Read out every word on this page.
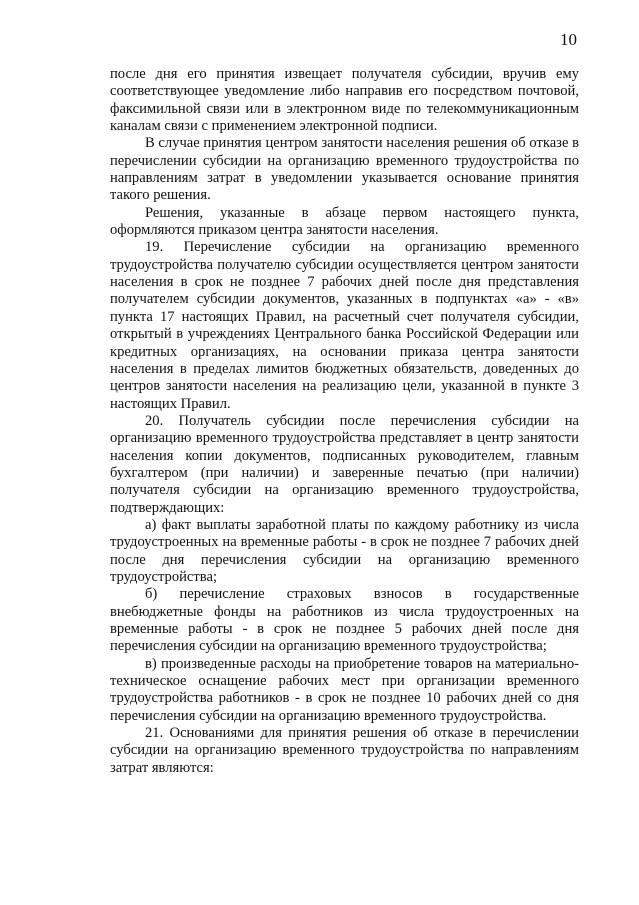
10

после дня его принятия извещает получателя субсидии, вручив ему соответствующее уведомление либо направив его посредством почтовой, факсимильной связи или в электронном виде по телекоммуникационным каналам связи с применением электронной подписи.

В случае принятия центром занятости населения решения об отказе в перечислении субсидии на организацию временного трудоустройства по направлениям затрат в уведомлении указывается основание принятия такого решения.

Решения, указанные в абзаце первом настоящего пункта, оформляются приказом центра занятости населения.

19. Перечисление субсидии на организацию временного трудоустройства получателю субсидии осуществляется центром занятости населения в срок не позднее 7 рабочих дней после дня представления получателем субсидии документов, указанных в подпунктах «а» - «в» пункта 17 настоящих Правил, на расчетный счет получателя субсидии, открытый в учреждениях Центрального банка Российской Федерации или кредитных организациях, на основании приказа центра занятости населения в пределах лимитов бюджетных обязательств, доведенных до центров занятости населения на реализацию цели, указанной в пункте 3 настоящих Правил.

20. Получатель субсидии после перечисления субсидии на организацию временного трудоустройства представляет в центр занятости населения копии документов, подписанных руководителем, главным бухгалтером (при наличии) и заверенные печатью (при наличии) получателя субсидии на организацию временного трудоустройства, подтверждающих:

а) факт выплаты заработной платы по каждому работнику из числа трудоустроенных на временные работы - в срок не позднее 7 рабочих дней после дня перечисления субсидии на организацию временного трудоустройства;

б) перечисление страховых взносов в государственные внебюджетные фонды на работников из числа трудоустроенных на временные работы - в срок не позднее 5 рабочих дней после дня перечисления субсидии на организацию временного трудоустройства;

в) произведенные расходы на приобретение товаров на материально-техническое оснащение рабочих мест при организации временного трудоустройства работников - в срок не позднее 10 рабочих дней со дня перечисления субсидии на организацию временного трудоустройства.

21. Основаниями для принятия решения об отказе в перечислении субсидии на организацию временного трудоустройства по направлениям затрат являются:
